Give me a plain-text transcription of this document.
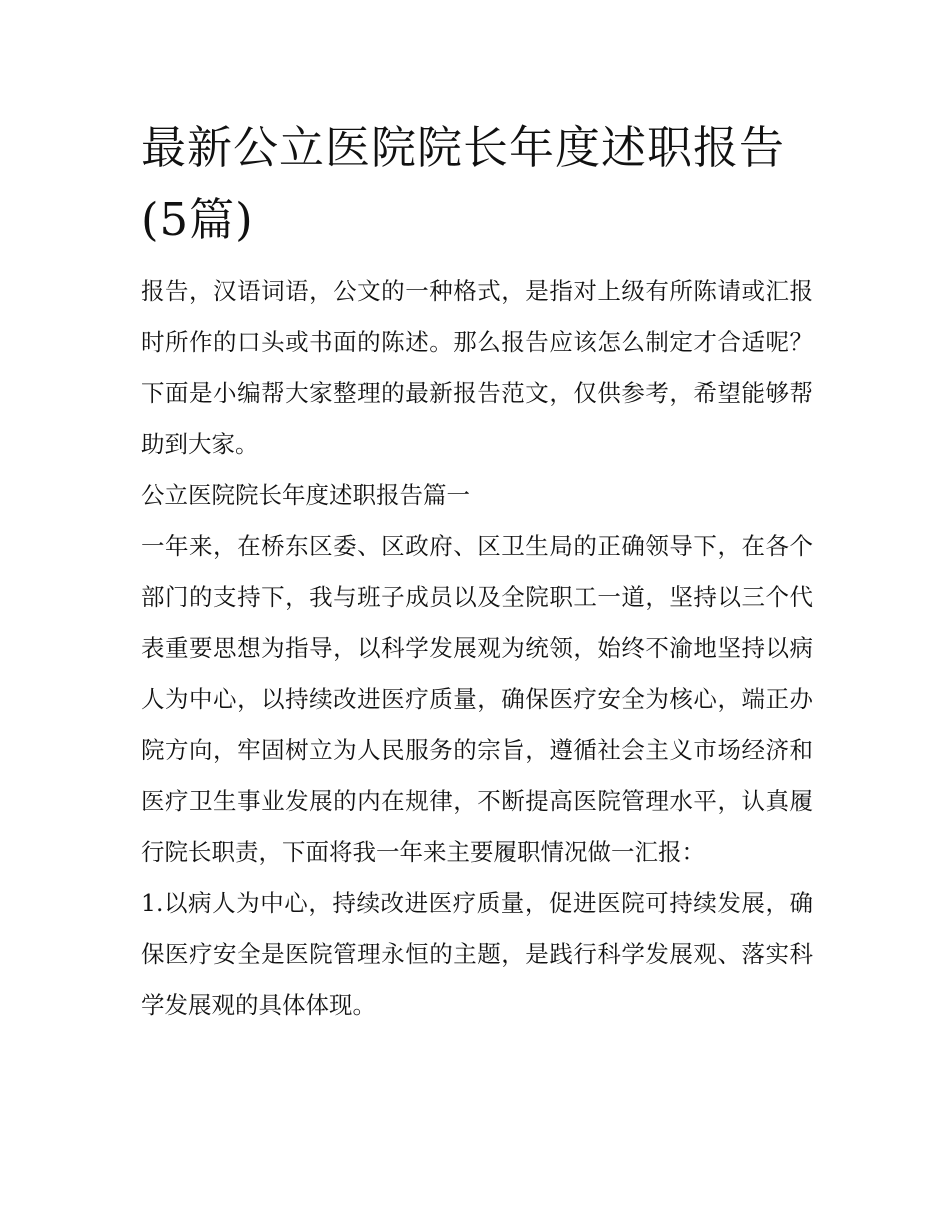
最新公立医院院长年度述职报告(5篇)

报告，汉语词语，公文的一种格式，是指对上级有所陈请或汇报时所作的口头或书面的陈述。那么报告应该怎么制定才合适呢？下面是小编帮大家整理的最新报告范文，仅供参考，希望能够帮助到大家。

公立医院院长年度述职报告篇一

一年来，在桥东区委、区政府、区卫生局的正确领导下，在各个部门的支持下，我与班子成员以及全院职工一道，坚持以三个代表重要思想为指导，以科学发展观为统领，始终不渝地坚持以病人为中心，以持续改进医疗质量，确保医疗安全为核心，端正办院方向，牢固树立为人民服务的宗旨，遵循社会主义市场经济和医疗卫生事业发展的内在规律，不断提高医院管理水平，认真履行院长职责，下面将我一年来主要履职情况做一汇报：

1.以病人为中心，持续改进医疗质量，促进医院可持续发展，确保医疗安全是医院管理永恒的主题，是践行科学发展观、落实科学发展观的具体体现。
